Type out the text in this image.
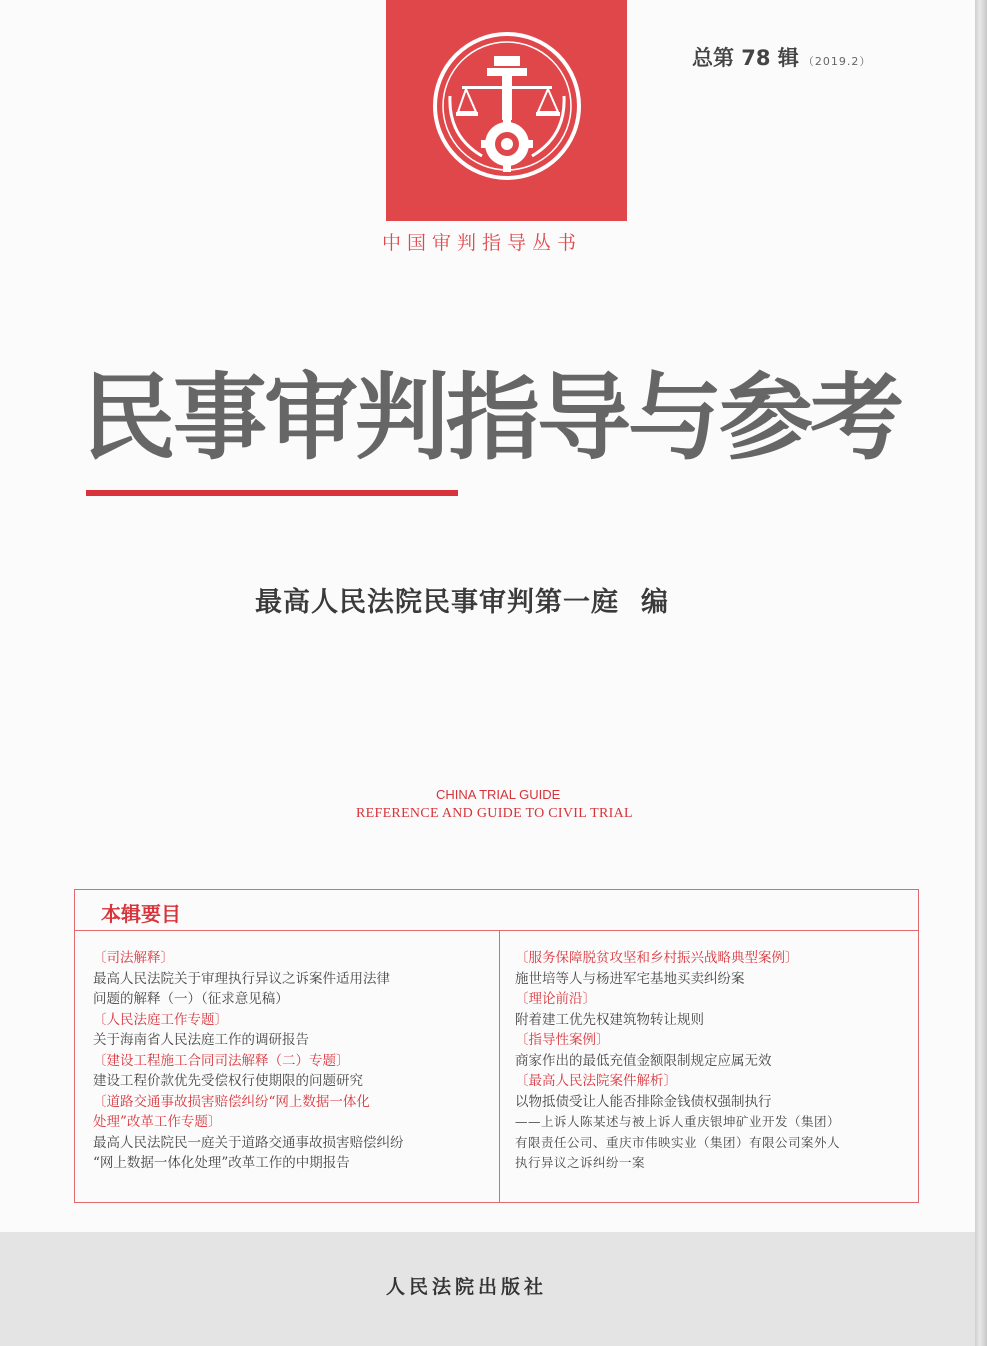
总第 78 辑 （2019.2）

中国审判指导丛书

民事审判指导与参考

最高人民法院民事审判第一庭 编

CHINA TRIAL GUIDE
REFERENCE AND GUIDE TO CIVIL TRIAL
本辑要目
〔司法解释〕
最高人民法院关于审理执行异议之诉案件适用法律
问题的解释（一）（征求意见稿）
〔人民法庭工作专题〕
关于海南省人民法庭工作的调研报告
〔建设工程施工合同司法解释（二）专题〕
建设工程价款优先受偿权行使期限的问题研究
〔道路交通事故损害赔偿纠纷“网上数据一体化
处理”改革工作专题〕
最高人民法院民一庭关于道路交通事故损害赔偿纠纷
“网上数据一体化处理”改革工作的中期报告
〔服务保障脱贫攻坚和乡村振兴战略典型案例〕
施世培等人与杨进军宅基地买卖纠纷案
〔理论前沿〕
附着建工优先权建筑物转让规则
〔指导性案例〕
商家作出的最低充值金额限制规定应属无效
〔最高人民法院案件解析〕
以物抵债受让人能否排除金钱债权强制执行
——上诉人陈某述与被上诉人重庆银坤矿业开发（集团）
有限责任公司、重庆市伟映实业（集团）有限公司案外人
执行异议之诉纠纷一案

人民法院出版社
